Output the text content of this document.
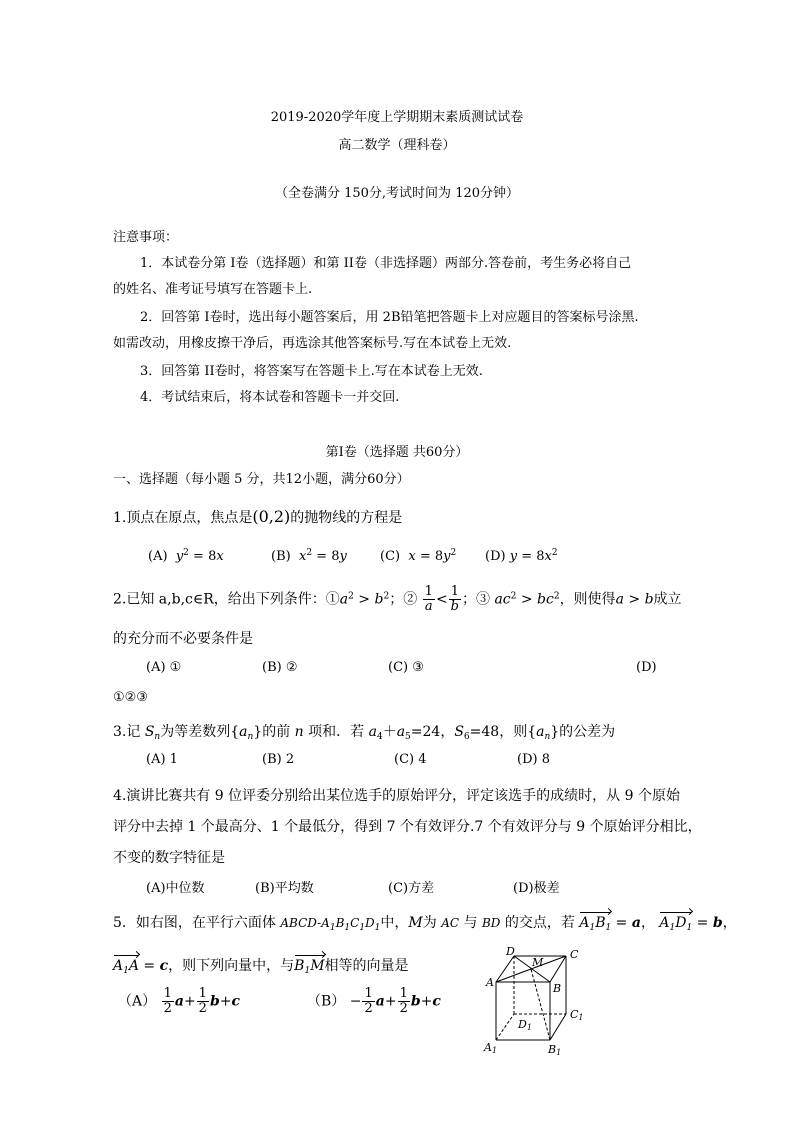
2019-2020学年度上学期期末素质测试试卷
高二数学（理科卷）
（全卷满分 150分,考试时间为 120分钟）
注意事项：
1．本试卷分第 I卷（选择题）和第 II卷（非选择题）两部分.答卷前，考生务必将自己
的姓名、准考证号填写在答题卡上.
2．回答第 I卷时，选出每小题答案后，用 2B铅笔把答题卡上对应题目的答案标号涂黑.
如需改动，用橡皮擦干净后，再选涂其他答案标号.写在本试卷上无效.
3．回答第 II卷时，将答案写在答题卡上.写在本试卷上无效.
4．考试结束后，将本试卷和答题卡一并交回.
第Ⅰ卷（选择题 共60分）
一、选择题（每小题 5 分，共12小题，满分60分）
1.顶点在原点，焦点是(0,2)的抛物线的方程是
(A) $y^2 = 8x$	(B) $x^2 = 8y$	(C) $x = 8y^2$ (D) $y = 8x^2$
2.已知 a,b,c∈R，给出下列条件：$①a^2 > b^2$；② $\frac{1}{a} < \frac{1}{b}$ ；③ $ac^2 > bc^2$，则使得a > b成立
的充分而不必要条件是
(A) ①	(B) ②	(C) ③	(D)
①②③
3.记 $S_n$为等差数列$\{a_n\}$的前 n 项和．若 $a_4+a_5=24$，$S_6=48$，则$\{a_n\}$的公差为
(A) 1	(B) 2	(C) 4	(D) 8
4.演讲比赛共有 9 位评委分别给出某位选手的原始评分，评定该选手的成绩时，从 9 个原始
评分中去掉 1 个最高分、1 个最低分，得到 7 个有效评分.7 个有效评分与 9 个原始评分相比，
不变的数字特征是
(A)中位数	(B)平均数	(C)方差	(D)极差
5．如右图，在平行六面体 ABCD-$A_1B_1C_1D_1$中，M为 AC 与 BD 的交点，若 $A_1B_1 = a$， $A_1D_1 = b$，
$A_1A = c$，则下列向量中，与$B_1M$相等的向量是
$(A) \frac{1}{2} a+ \frac{1}{2} b+c$	$(B) - \frac{1}{2} a+ \frac{1}{2} b+c$
D
M
C
A	B
D1
C1
A1	B1
